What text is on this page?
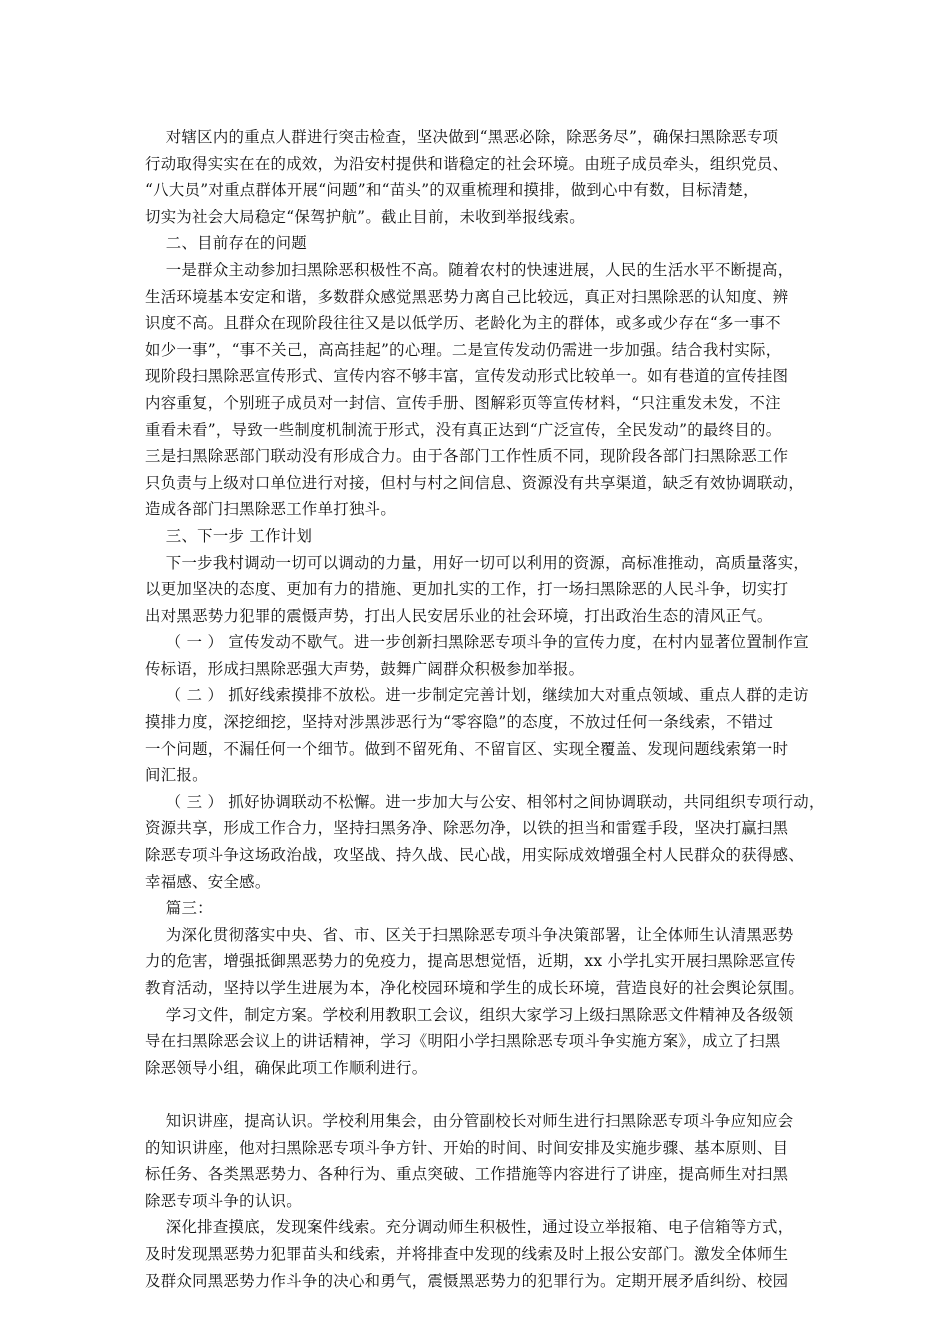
对辖区内的重点人群进行突击检查，坚决做到“黑恶必除，除恶务尽”，确保扫黑除恶专项
行动取得实实在在的成效，为沿安村提供和谐稳定的社会环境。由班子成员牵头，组织党员、
“八大员”对重点群体开展“问题”和“苗头”的双重梳理和摸排，做到心中有数，目标清楚，
切实为社会大局稳定“保驾护航”。截止目前，未收到举报线索。
二、目前存在的问题
一是群众主动参加扫黑除恶积极性不高。随着农村的快速进展，人民的生活水平不断提高，
生活环境基本安定和谐，多数群众感觉黑恶势力离自己比较远，真正对扫黑除恶的认知度、辨
识度不高。且群众在现阶段往往又是以低学历、老龄化为主的群体，或多或少存在“多一事不
如少一事”，“事不关己，高高挂起”的心理。二是宣传发动仍需进一步加强。结合我村实际，
现阶段扫黑除恶宣传形式、宣传内容不够丰富，宣传发动形式比较单一。如有巷道的宣传挂图
内容重复，个别班子成员对一封信、宣传手册、图解彩页等宣传材料，“只注重发未发，不注
重看未看”，导致一些制度机制流于形式，没有真正达到“广泛宣传，全民发动”的最终目的。
三是扫黑除恶部门联动没有形成合力。由于各部门工作性质不同，现阶段各部门扫黑除恶工作
只负责与上级对口单位进行对接，但村与村之间信息、资源没有共享渠道，缺乏有效协调联动，
造成各部门扫黑除恶工作单打独斗。
三、下一步 工作计划
下一步我村调动一切可以调动的力量，用好一切可以利用的资源，高标准推动，高质量落实，
以更加坚决的态度、更加有力的措施、更加扎实的工作，打一场扫黑除恶的人民斗争，切实打
出对黑恶势力犯罪的震慑声势，打出人民安居乐业的社会环境，打出政治生态的清风正气。
（ 一 ） 宣传发动不歇气。进一步创新扫黑除恶专项斗争的宣传力度，在村内显著位置制作宣
传标语，形成扫黑除恶强大声势，鼓舞广阔群众积极参加举报。
（ 二 ） 抓好线索摸排不放松。进一步制定完善计划，继续加大对重点领域、重点人群的走访
摸排力度，深挖细挖，坚持对涉黑涉恶行为“零容隐”的态度，不放过任何一条线索，不错过
一个问题，不漏任何一个细节。做到不留死角、不留盲区、实现全覆盖、发现问题线索第一时
间汇报。
（ 三 ） 抓好协调联动不松懈。进一步加大与公安、相邻村之间协调联动，共同组织专项行动，
资源共享，形成工作合力，坚持扫黑务净、除恶勿净，以铁的担当和雷霆手段，坚决打赢扫黑
除恶专项斗争这场政治战，攻坚战、持久战、民心战，用实际成效增强全村人民群众的获得感、
幸福感、安全感。
篇三：
为深化贯彻落实中央、省、市、区关于扫黑除恶专项斗争决策部署，让全体师生认清黑恶势
力的危害，增强抵御黑恶势力的免疫力，提高思想觉悟，近期，xx 小学扎实开展扫黑除恶宣传
教育活动，坚持以学生进展为本，净化校园环境和学生的成长环境，营造良好的社会舆论氛围。
学习文件，制定方案。学校利用教职工会议，组织大家学习上级扫黑除恶文件精神及各级领
导在扫黑除恶会议上的讲话精神，学习《明阳小学扫黑除恶专项斗争实施方案》，成立了扫黑
除恶领导小组，确保此项工作顺利进行。
知识讲座，提高认识。学校利用集会，由分管副校长对师生进行扫黑除恶专项斗争应知应会
的知识讲座，他对扫黑除恶专项斗争方针、开始的时间、时间安排及实施步骤、基本原则、目
标任务、各类黑恶势力、各种行为、重点突破、工作措施等内容进行了讲座，提高师生对扫黑
除恶专项斗争的认识。
深化排查摸底，发现案件线索。充分调动师生积极性，通过设立举报箱、电子信箱等方式，
及时发现黑恶势力犯罪苗头和线索，并将排查中发现的线索及时上报公安部门。激发全体师生
及群众同黑恶势力作斗争的决心和勇气，震慑黑恶势力的犯罪行为。定期开展矛盾纠纷、校园
